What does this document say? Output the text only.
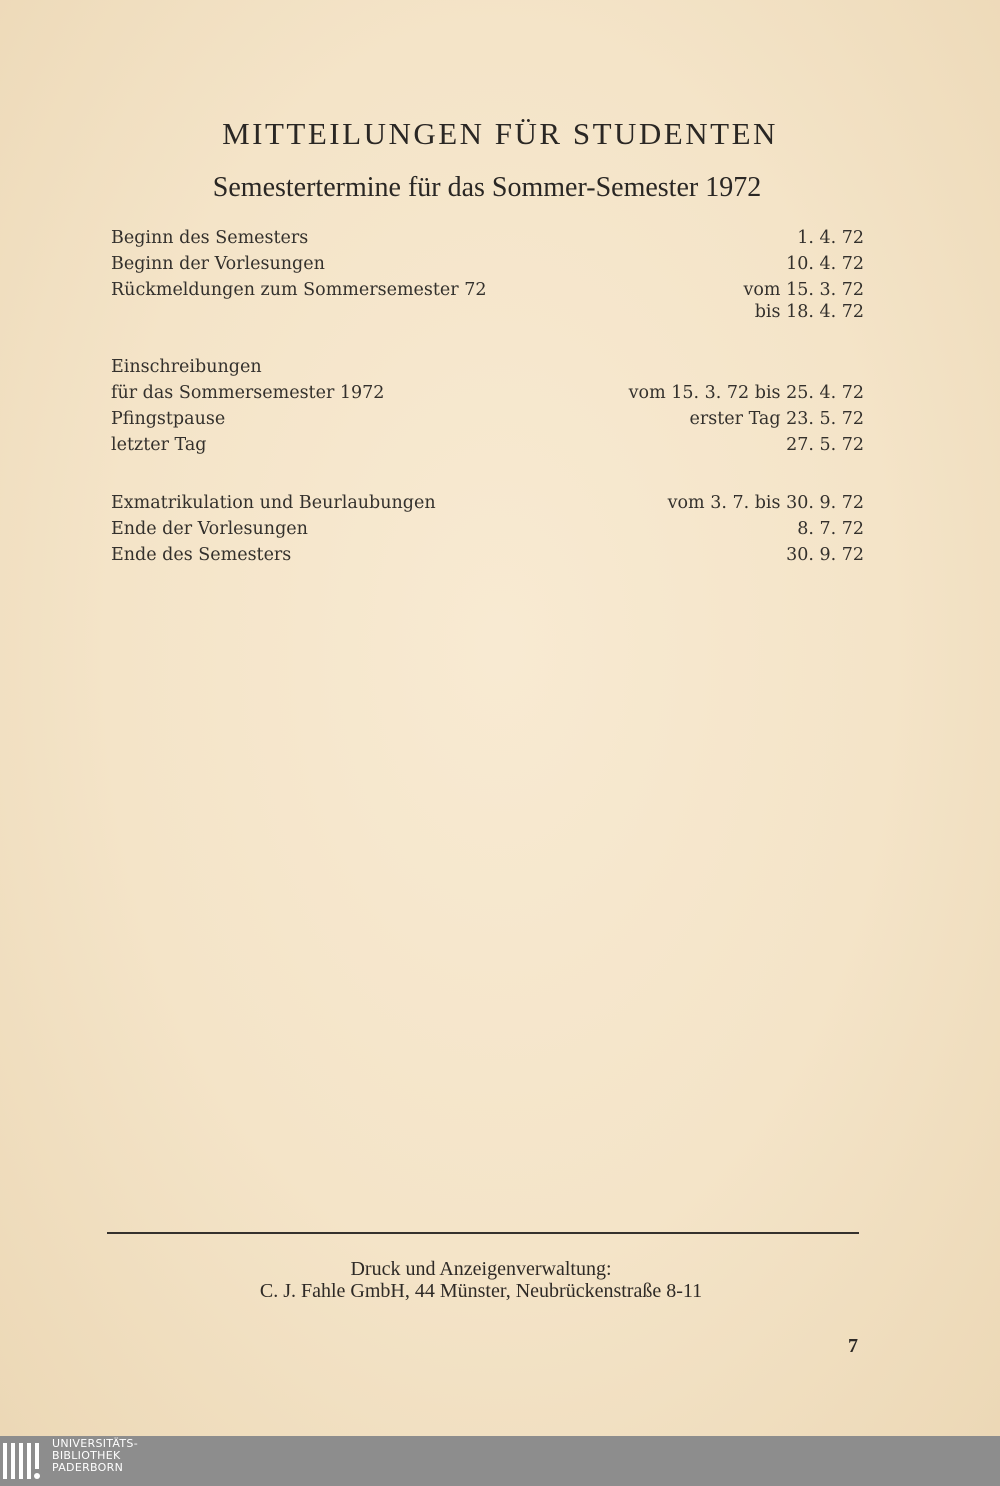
MITTEILUNGEN FÜR STUDENTEN
Semestertermine für das Sommer-Semester 1972
Beginn des Semesters	1. 4. 72
Beginn der Vorlesungen	10. 4. 72
Rückmeldungen zum Sommersemester 72	vom 15. 3. 72
bis 18. 4. 72
Einschreibungen
für das Sommersemester 1972	vom 15. 3. 72 bis 25. 4. 72
Pfingstpause	erster Tag 23. 5. 72
letzter Tag	27. 5. 72
Exmatrikulation und Beurlaubungen	vom 3. 7. bis 30. 9. 72
Ende der Vorlesungen	8. 7. 72
Ende des Semesters	30. 9. 72
Druck und Anzeigenverwaltung:
C. J. Fahle GmbH, 44 Münster, Neubrückenstraße 8-11
7
UNIVERSITÄTS-
BIBLIOTHEK
PADERBORN
